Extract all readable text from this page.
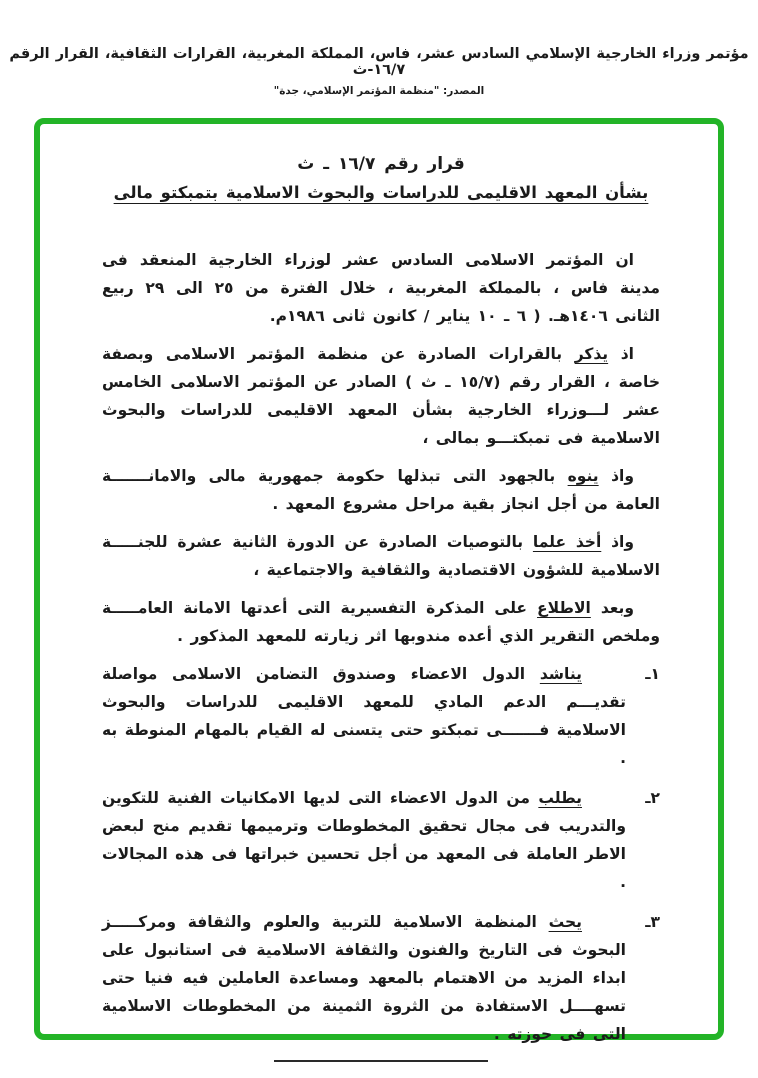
مؤتمر وزراء الخارجية الإسلامي السادس عشر، فاس، المملكة المغربية، القرارات الثقافية، القرار الرقم ١٦/٧-ث
المصدر: "منظمة المؤتمر الإسلامي، جدة"
قرار رقم ١٦/٧ ـ ث
بشأن المعهد الاقليمى للدراسات والبحوث الاسلامية بتمبكتو مالى

ان المؤتمر الاسلامى السادس عشر لوزراء الخارجية المنعقد فى مدينة فاس ، بالمملكة المغربية ، خلال الفترة من ٢٥ الى ٢٩ ربيع الثانى ١٤٠٦هـ. ( ٦ ـ ١٠ يناير / كانون ثانى ١٩٨٦م.

اذ يذكر بالقرارات الصادرة عن منظمة المؤتمر الاسلامى وبصفة خاصة ، القرار رقم (١٥/٧ ـ ث ) الصادر عن المؤتمر الاسلامى الخامس عشر لـــوزراء الخارجية بشأن المعهد الاقليمى للدراسات والبحوث الاسلامية فى تمبكتـــو بمالى ،

واذ ينوه بالجهود التى تبذلها حكومة جمهورية مالى والامانـــــــة العامة من أجل انجاز بقية مراحل مشروع المعهد .

واذ أخذ علما بالتوصيات الصادرة عن الدورة الثانية عشرة للجنـــــة الاسلامية للشؤون الاقتصادية والثقافية والاجتماعية ،

وبعد الاطلاع على المذكرة التفسيرية التى أعدتها الامانة العامـــــة وملخص التقرير الذي أعده مندوبها اثر زيارته للمعهد المذكور .

١ـ
يناشد الدول الاعضاء وصندوق التضامن الاسلامى مواصلة تقديـــم الدعم المادي للمعهد الاقليمى للدراسات والبحوث الاسلامية فـــــــى تمبكتو حتى يتسنى له القيام بالمهام المنوطة به .
٢ـ
يطلب من الدول الاعضاء التى لديها الامكانيات الفنية للتكوين والتدريب فى مجال تحقيق المخطوطات وترميمها تقديم منح لبعض الاطر العاملة فى المعهد من أجل تحسين خبراتها فى هذه المجالات .
٣ـ
يحث المنظمة الاسلامية للتربية والعلوم والثقافة ومركـــــز البحوث فى التاريخ والفنون والثقافة الاسلامية فى استانبول على ابداء المزيد من الاهتمام بالمعهد ومساعدة العاملين فيه فنيا حتى تسهــــل الاستفادة من الثروة الثمينة من المخطوطات الاسلامية التى فى حوزته .
